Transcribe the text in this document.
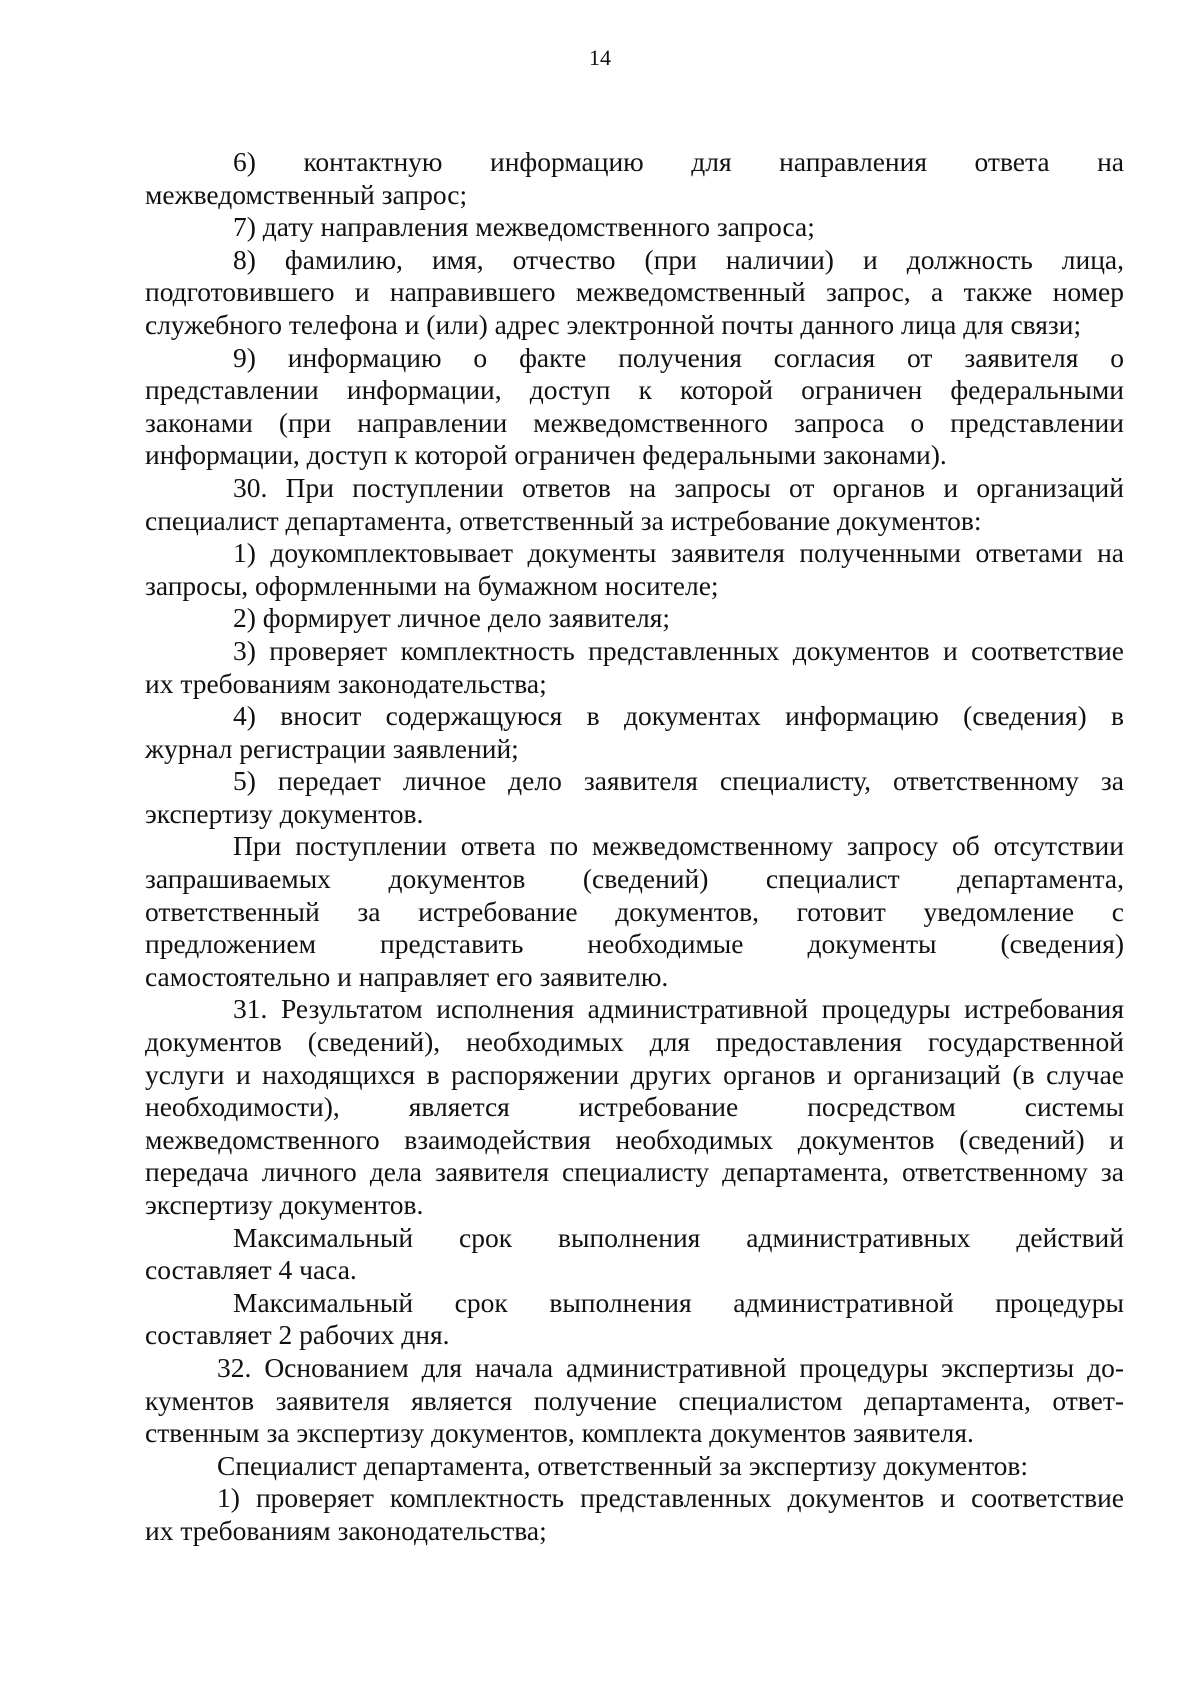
14
6) контактную информацию для направления ответа на
межведомственный запрос;
7) дату направления межведомственного запроса;
8) фамилию, имя, отчество (при наличии) и должность лица,
подготовившего и направившего межведомственный запрос, а также номер
служебного телефона и (или) адрес электронной почты данного лица для связи;
9) информацию о факте получения согласия от заявителя о
представлении информации, доступ к которой ограничен федеральными
законами (при направлении межведомственного запроса о представлении
информации, доступ к которой ограничен федеральными законами).
30. При поступлении ответов на запросы от органов и организаций
специалист департамента, ответственный за истребование документов:
1) доукомплектовывает документы заявителя полученными ответами на
запросы, оформленными на бумажном носителе;
2) формирует личное дело заявителя;
3) проверяет комплектность представленных документов и соответствие
их требованиям законодательства;
4) вносит содержащуюся в документах информацию (сведения) в
журнал регистрации заявлений;
5) передает личное дело заявителя специалисту, ответственному за
экспертизу документов.
При поступлении ответа по межведомственному запросу об отсутствии
запрашиваемых документов (сведений) специалист департамента,
ответственный за истребование документов, готовит уведомление с
предложением представить необходимые документы (сведения)
самостоятельно и направляет его заявителю.
31. Результатом исполнения административной процедуры истребования
документов (сведений), необходимых для предоставления государственной
услуги и находящихся в распоряжении других органов и организаций (в случае
необходимости), является истребование посредством системы
межведомственного взаимодействия необходимых документов (сведений) и
передача личного дела заявителя специалисту департамента, ответственному за
экспертизу документов.
Максимальный срок выполнения административных действий
составляет 4 часа.
Максимальный срок выполнения административной процедуры
составляет 2 рабочих дня.
32. Основанием для начала административной процедуры экспертизы до-
кументов заявителя является получение специалистом департамента, ответ-
ственным за экспертизу документов, комплекта документов заявителя.
Специалист департамента, ответственный за экспертизу документов:
1) проверяет комплектность представленных документов и соответствие
их требованиям законодательства;
